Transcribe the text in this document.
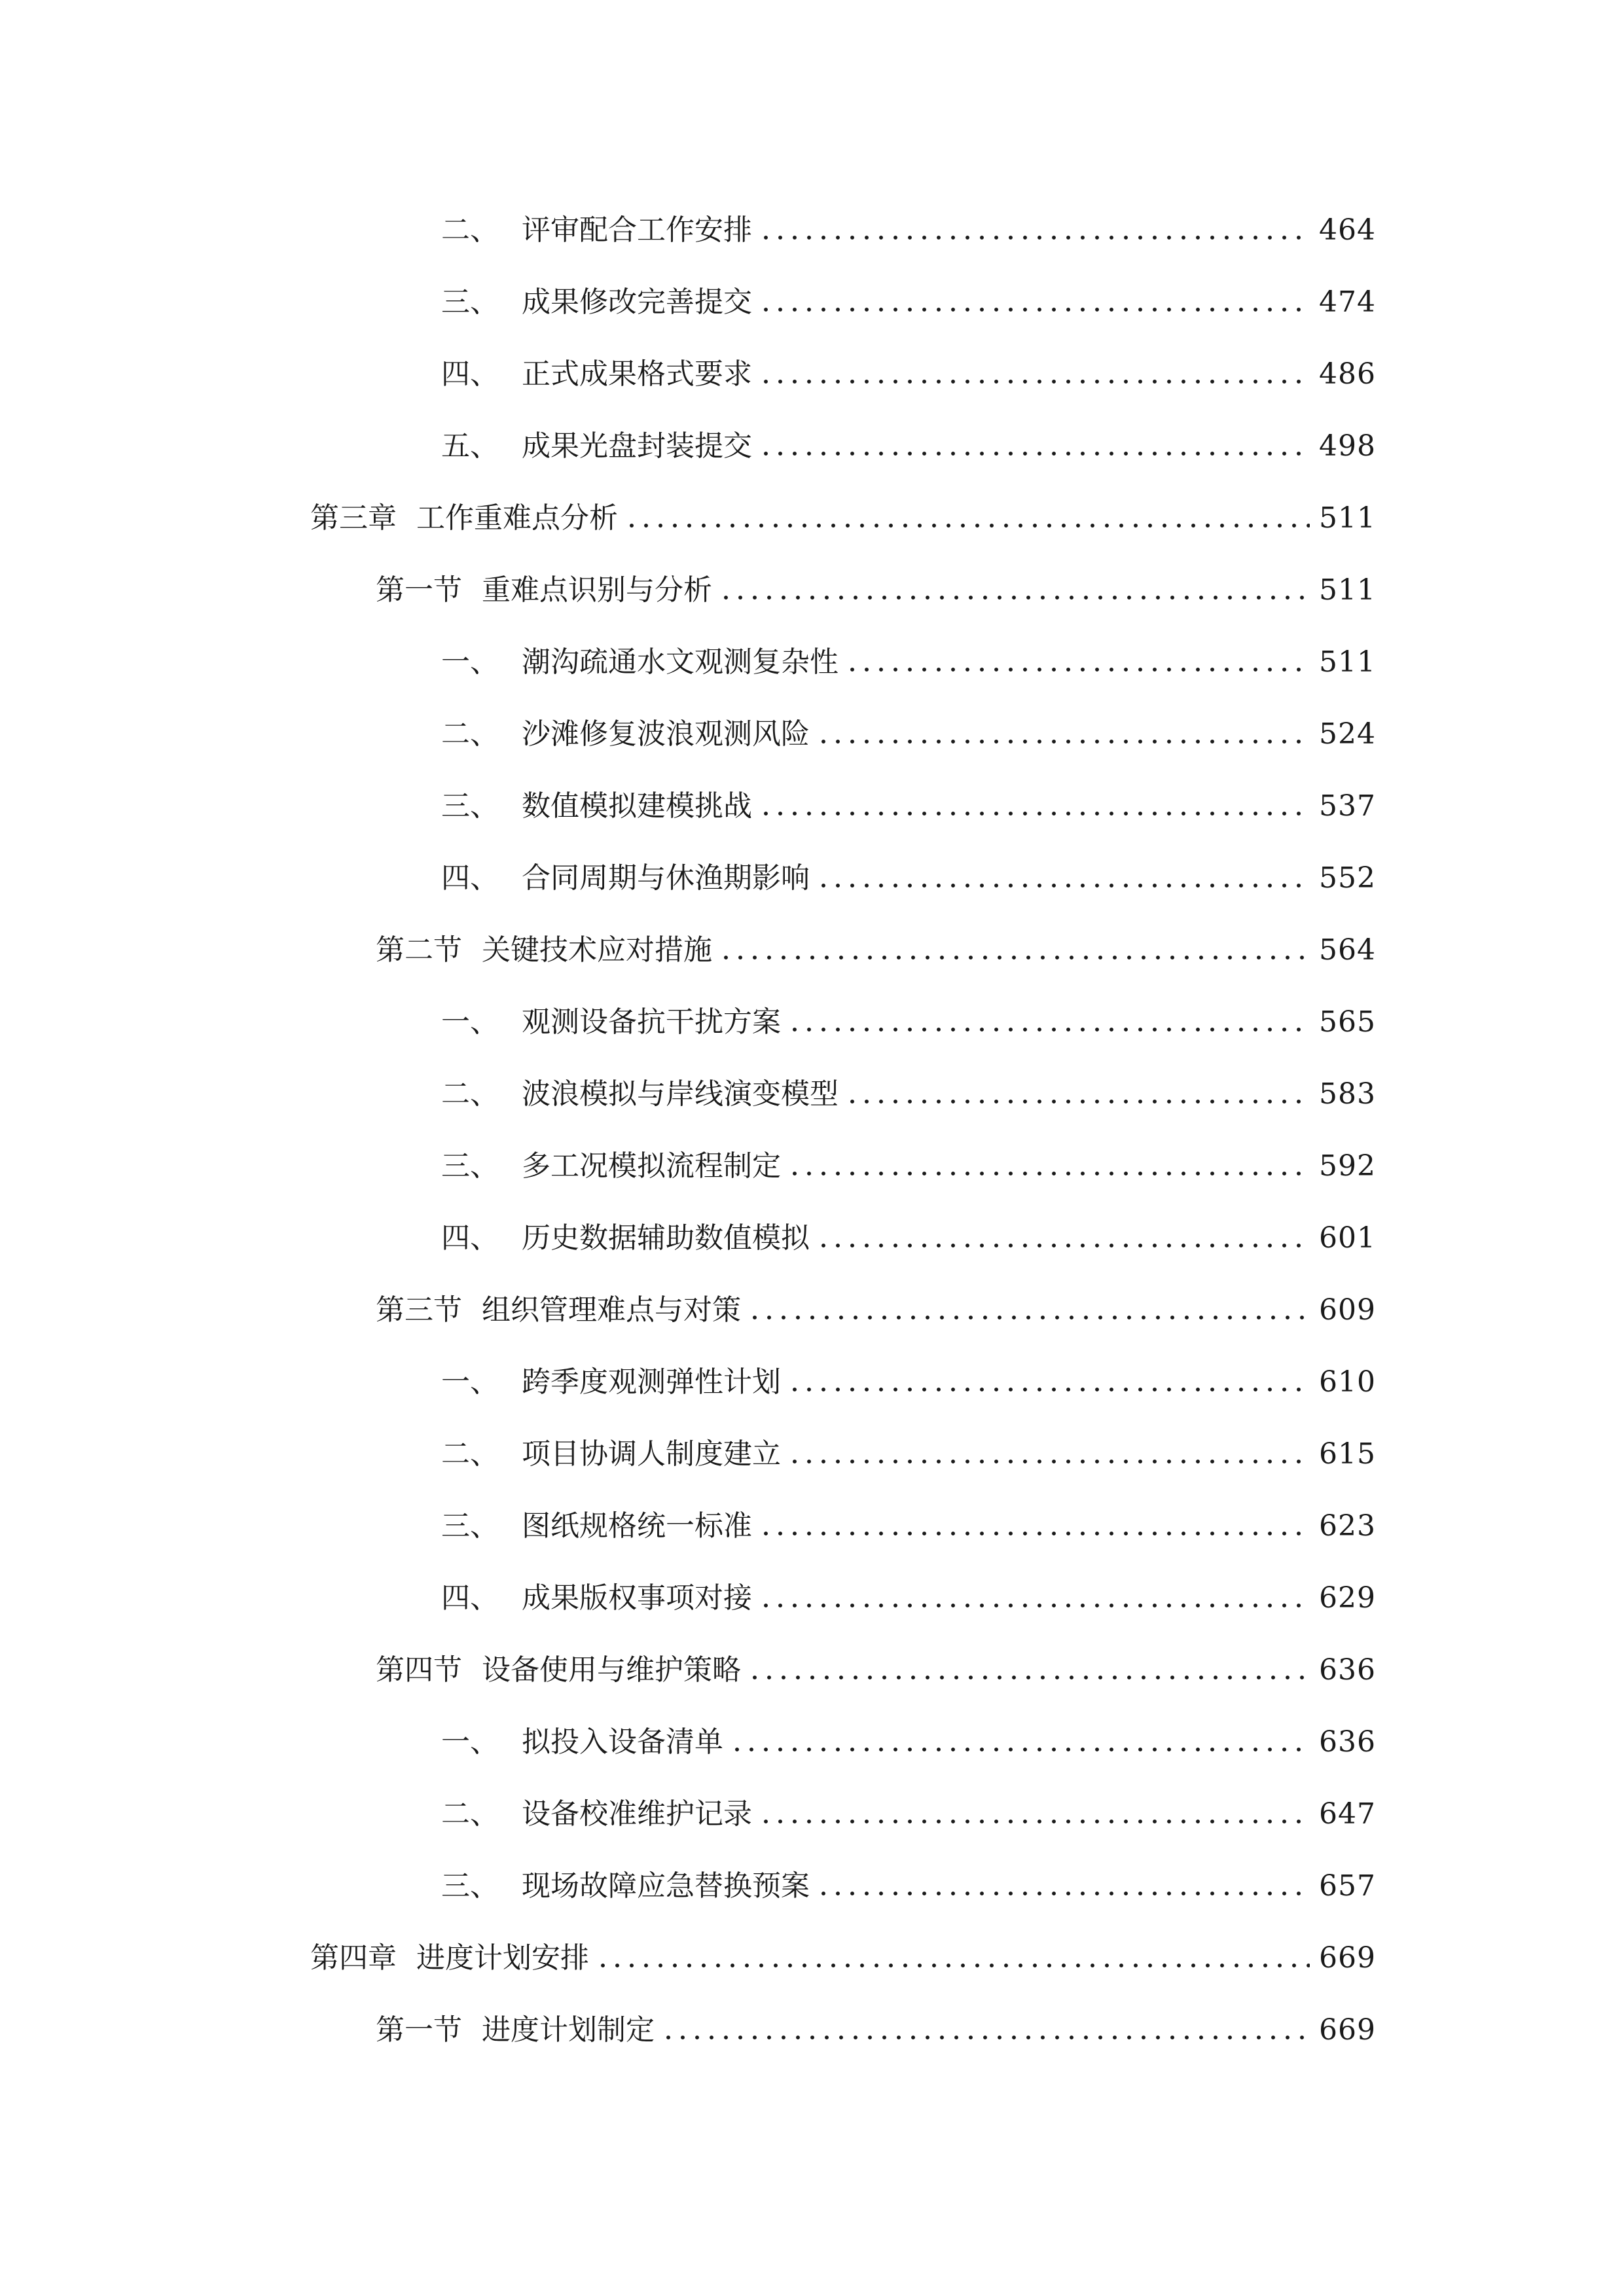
二、 评审配合工作安排	464
三、 成果修改完善提交	474
四、 正式成果格式要求	486
五、 成果光盘封装提交	498
第三章 工作重难点分析	511
第一节 重难点识别与分析	511
一、 潮沟疏通水文观测复杂性	511
二、 沙滩修复波浪观测风险	524
三、 数值模拟建模挑战	537
四、 合同周期与休渔期影响	552
第二节 关键技术应对措施	564
一、 观测设备抗干扰方案	565
二、 波浪模拟与岸线演变模型	583
三、 多工况模拟流程制定	592
四、 历史数据辅助数值模拟	601
第三节 组织管理难点与对策	609
一、 跨季度观测弹性计划	610
二、 项目协调人制度建立	615
三、 图纸规格统一标准	623
四、 成果版权事项对接	629
第四节 设备使用与维护策略	636
一、 拟投入设备清单	636
二、 设备校准维护记录	647
三、 现场故障应急替换预案	657
第四章 进度计划安排	669
第一节 进度计划制定	669
